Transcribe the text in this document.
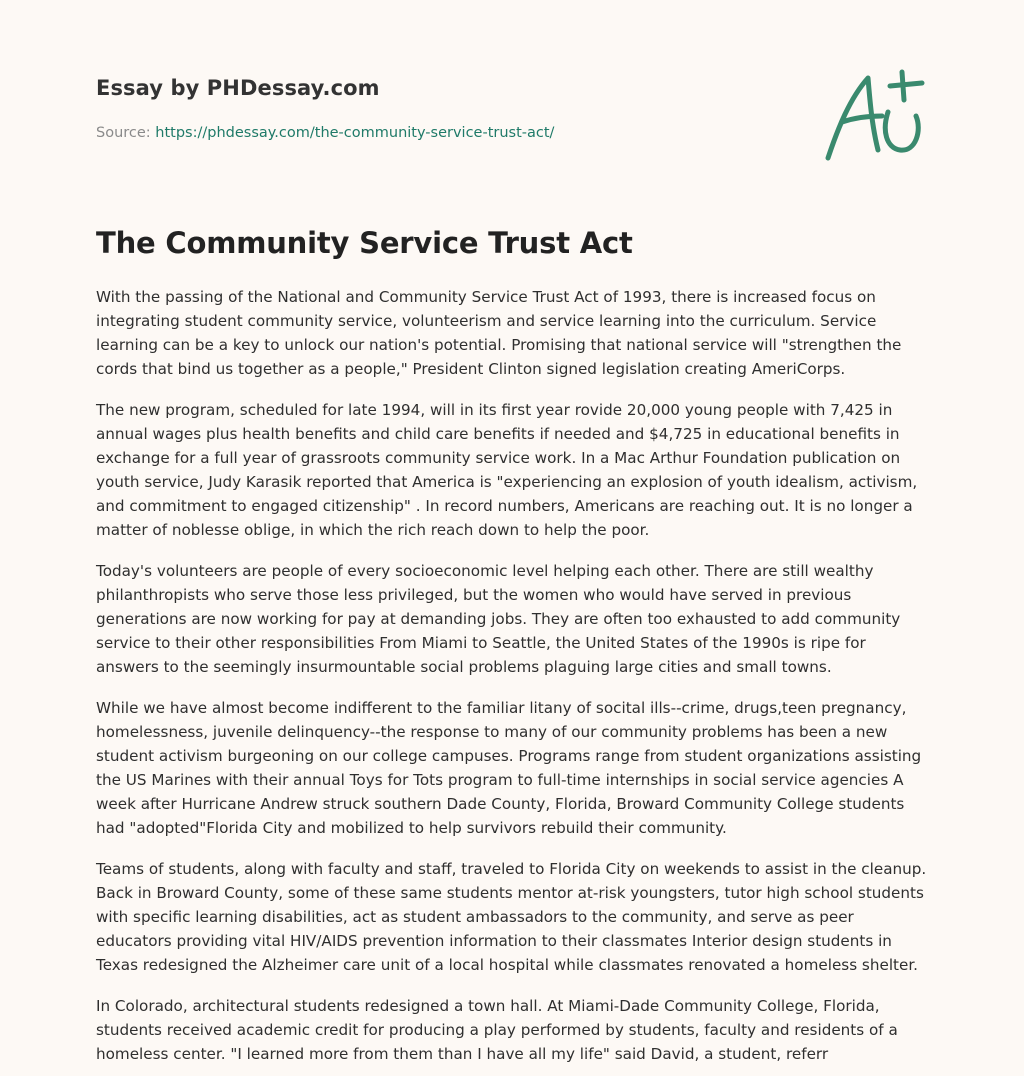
Essay by PHDessay.com
Source: https://phdessay.com/the-community-service-trust-act/
The Community Service Trust Act

With the passing of the National and Community Service Trust Act of 1993, there is increased focus on integrating student community service, volunteerism and service learning into the curriculum. Service learning can be a key to unlock our nation's potential. Promising that national service will "strengthen the cords that bind us together as a people," President Clinton signed legislation creating AmeriCorps.

The new program, scheduled for late 1994, will in its first year rovide 20,000 young people with 7,425 in annual wages plus health benefits and child care benefits if needed and $4,725 in educational benefits in exchange for a full year of grassroots community service work. In a Mac Arthur Foundation publication on youth service, Judy Karasik reported that America is "experiencing an explosion of youth idealism, activism, and commitment to engaged citizenship" . In record numbers, Americans are reaching out. It is no longer a matter of noblesse oblige, in which the rich reach down to help the poor.

Today's volunteers are people of every socioeconomic level helping each other. There are still wealthy philanthropists who serve those less privileged, but the women who would have served in previous generations are now working for pay at demanding jobs. They are often too exhausted to add community service to their other responsibilities From Miami to Seattle, the United States of the 1990s is ripe for answers to the seemingly insurmountable social problems plaguing large cities and small towns.

While we have almost become indifferent to the familiar litany of socital ills--crime, drugs,teen pregnancy, homelessness, juvenile delinquency--the response to many of our community problems has been a new student activism burgeoning on our college campuses. Programs range from student organizations assisting the US Marines with their annual Toys for Tots program to full-time internships in social service agencies A week after Hurricane Andrew struck southern Dade County, Florida, Broward Community College students had "adopted"Florida City and mobilized to help survivors rebuild their community.

Teams of students, along with faculty and staff, traveled to Florida City on weekends to assist in the cleanup. Back in Broward County, some of these same students mentor at-risk youngsters, tutor high school students with specific learning disabilities, act as student ambassadors to the community, and serve as peer educators providing vital HIV/AIDS prevention information to their classmates Interior design students in Texas redesigned the Alzheimer care unit of a local hospital while classmates renovated a homeless shelter.

In Colorado, architectural students redesigned a town hall. At Miami-Dade Community College, Florida, students received academic credit for producing a play performed by students, faculty and residents of a homeless center. "I learned more from them than I have all my life" said David, a student, referr
